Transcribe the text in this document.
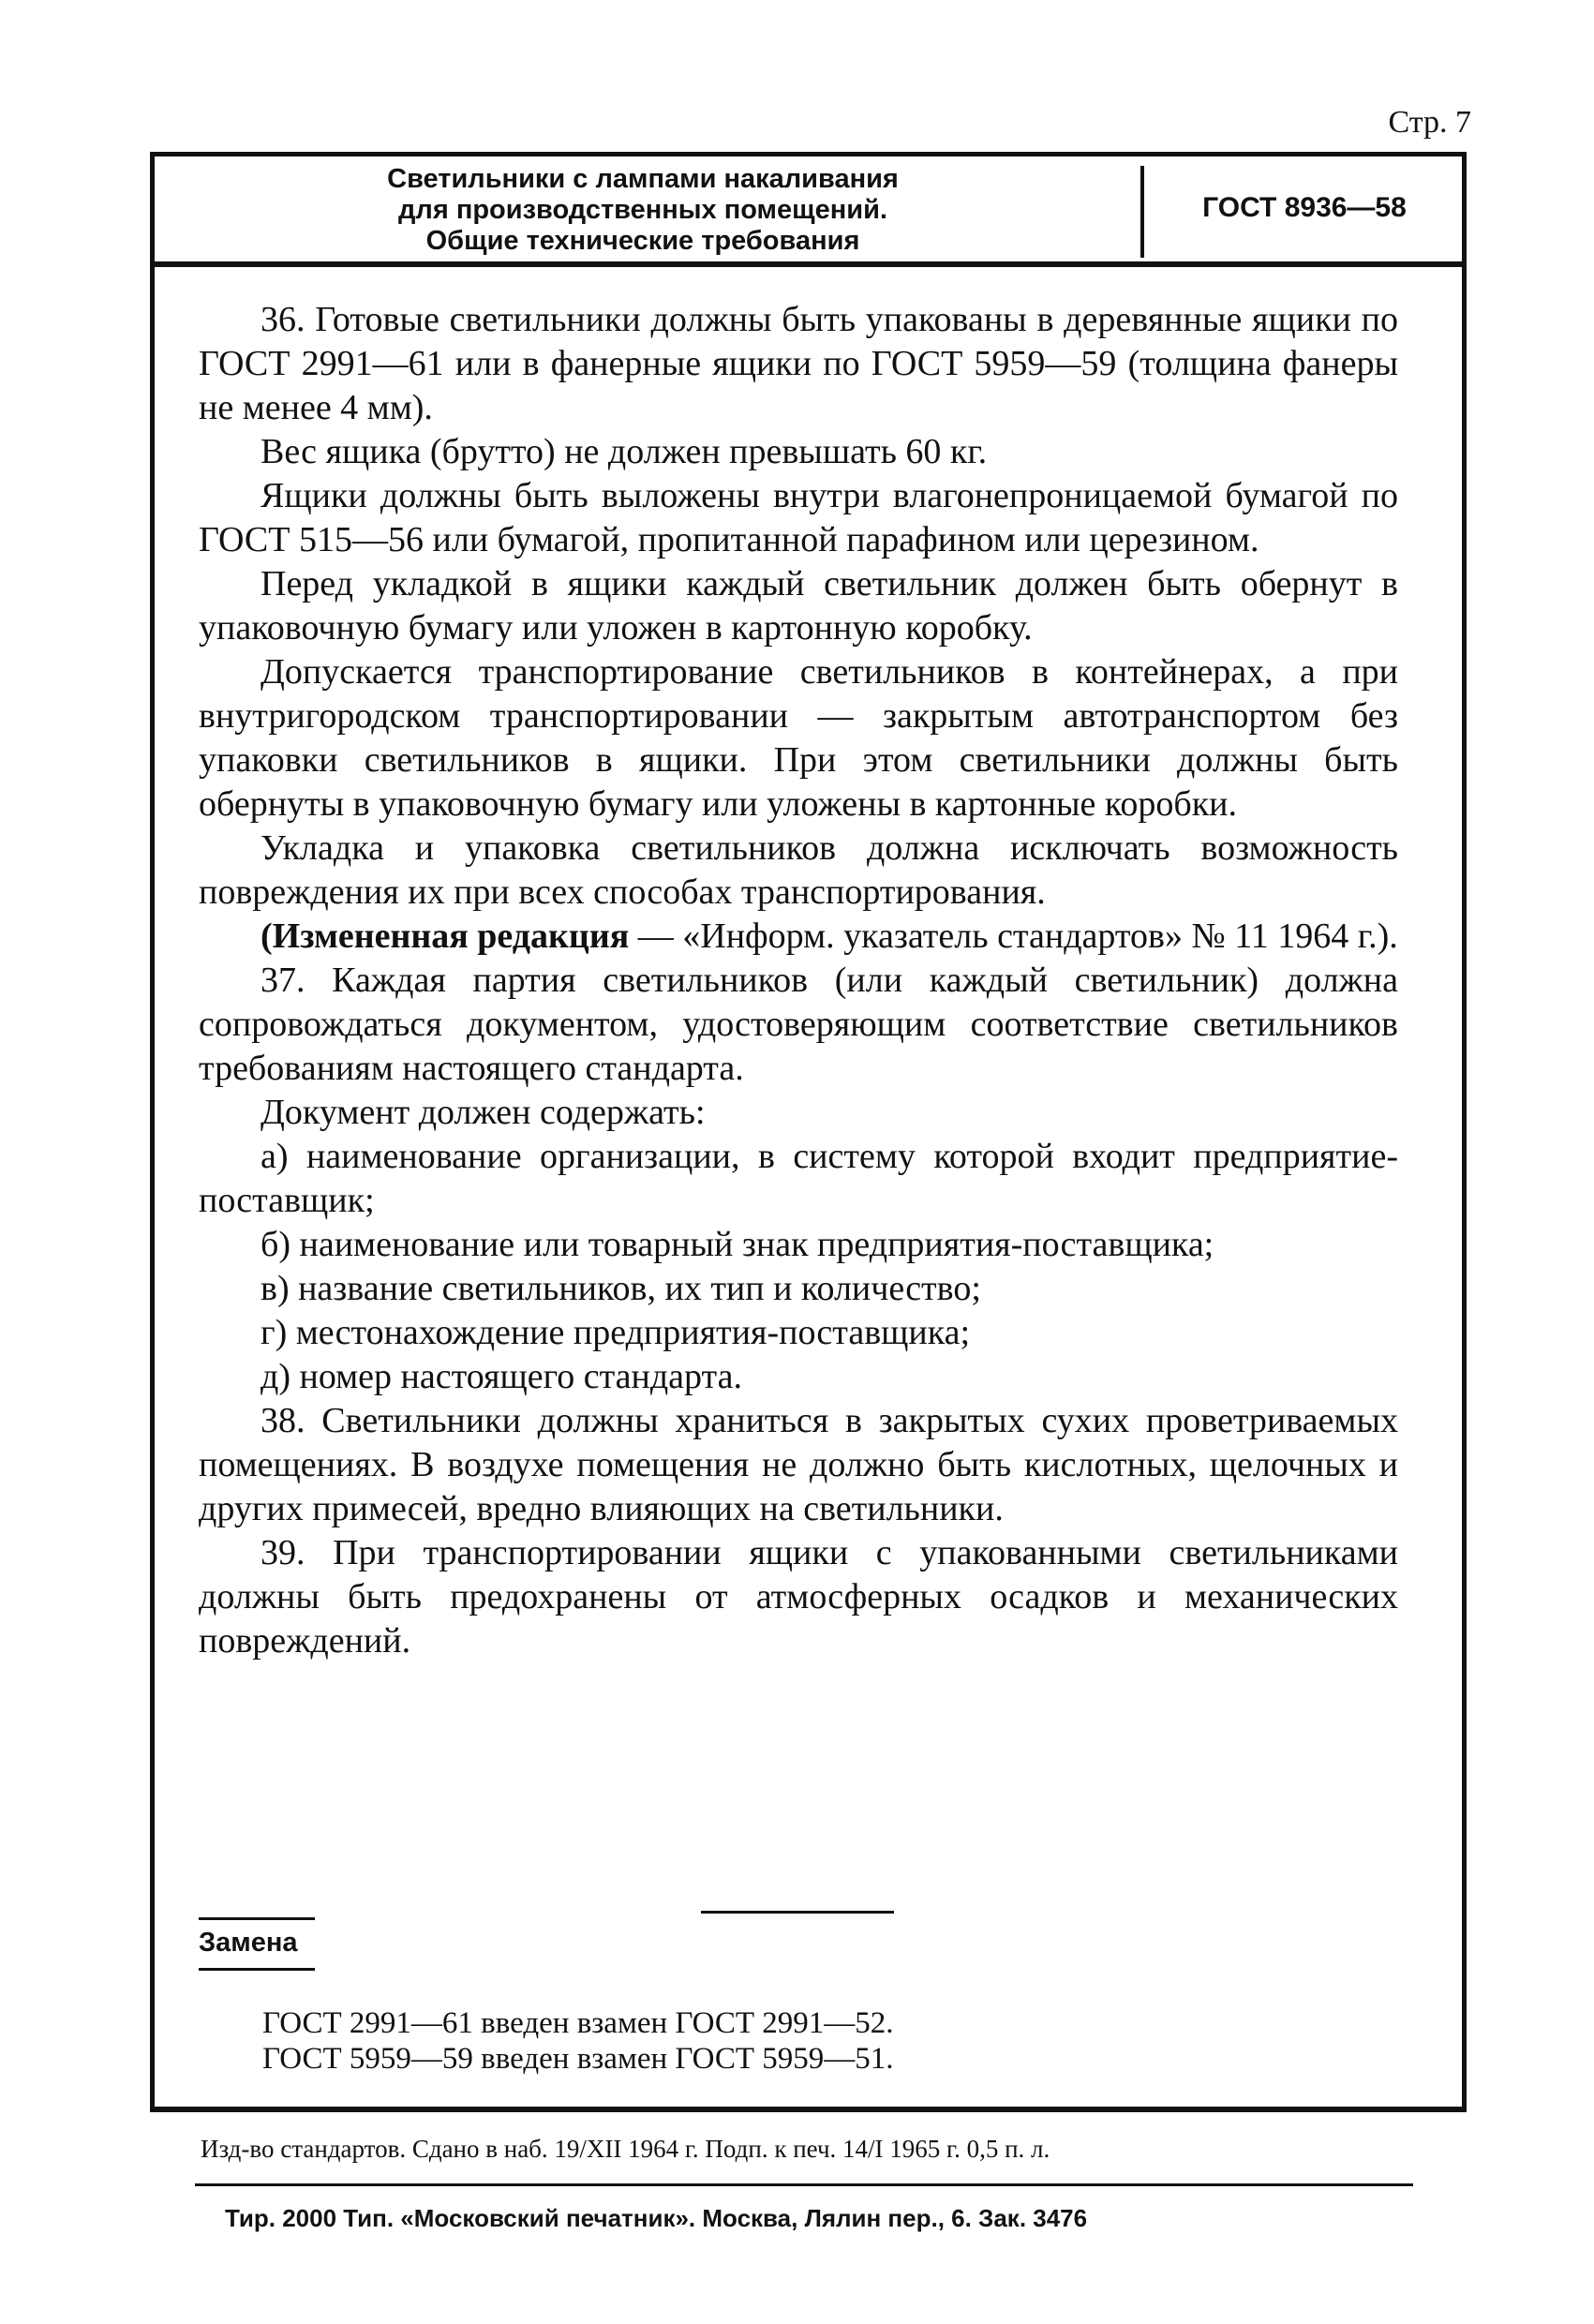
Стр. 7
Светильники с лампами накаливания
для производственных помещений.
Общие технические требования
ГОСТ 8936—58

36. Готовые светильники должны быть упакованы в деревянные ящики по ГОСТ 2991—61 или в фанерные ящики по ГОСТ 5959—59 (толщина фанеры не менее 4 мм).

Вес ящика (брутто) не должен превышать 60 кг.

Ящики должны быть выложены внутри влагонепроницаемой бумагой по ГОСТ 515—56 или бумагой, пропитанной парафином или церезином.

Перед укладкой в ящики каждый светильник должен быть обернут в упаковочную бумагу или уложен в картонную коробку.

Допускается транспортирование светильников в контейнерах, а при внутригородском транспортировании — закрытым автотранспортом без упаковки светильников в ящики. При этом светильники должны быть обернуты в упаковочную бумагу или уложены в картонные коробки.

Укладка и упаковка светильников должна исключать возможность повреждения их при всех способах транспортирования.

(Измененная редакция — «Информ. указатель стандартов» № 11 1964 г.).

37. Каждая партия светильников (или каждый светильник) должна сопровождаться документом, удостоверяющим соответствие светильников требованиям настоящего стандарта.

Документ должен содержать:

а) наименование организации, в систему которой входит предприятие-поставщик;

б) наименование или товарный знак предприятия-поставщика;

в) название светильников, их тип и количество;

г) местонахождение предприятия-поставщика;

д) номер настоящего стандарта.

38. Светильники должны храниться в закрытых сухих проветриваемых помещениях. В воздухе помещения не должно быть кислотных, щелочных и других примесей, вредно влияющих на светильники.

39. При транспортировании ящики с упакованными светильниками должны быть предохранены от атмосферных осадков и механических повреждений.

Замена
ГОСТ 2991—61 введен взамен ГОСТ 2991—52.
ГОСТ 5959—59 введен взамен ГОСТ 5959—51.
Изд-во стандартов. Сдано в наб. 19/XII 1964 г. Подп. к печ. 14/I 1965 г. 0,5 п. л.
Тир. 2000 Тип. «Московский печатник». Москва, Лялин пер., 6. Зак. 3476
